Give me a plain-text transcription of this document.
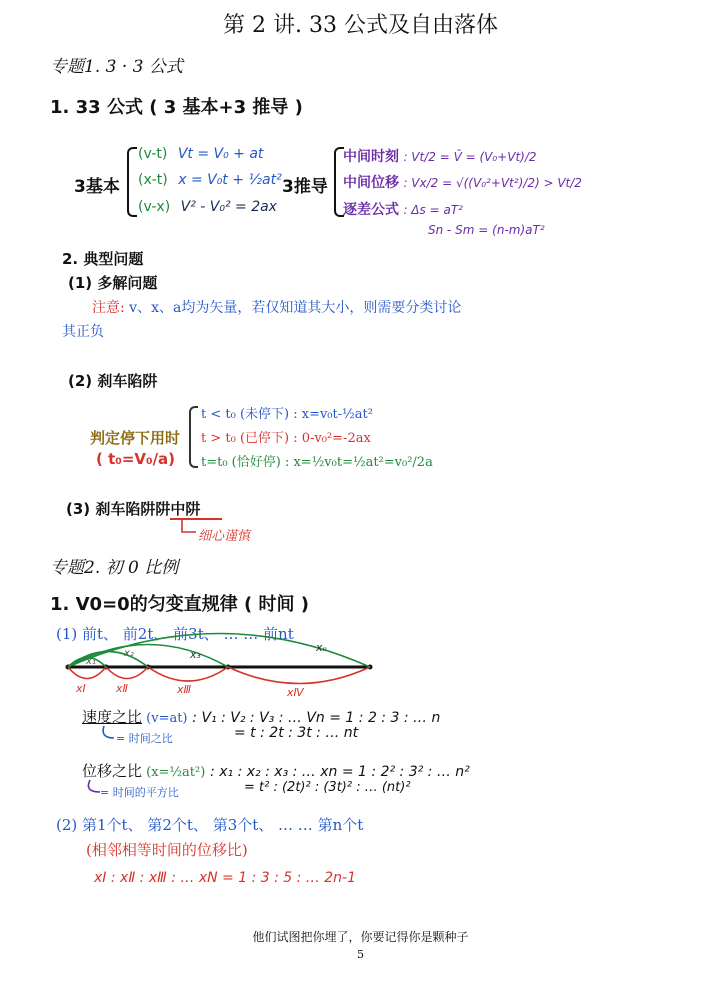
第 2 讲. 33 公式及自由落体
专题1. 3 · 3 公式
1. 33 公式 ( 3 基本+3 推导 )
3基本
(v-t) Vt = V₀ + at
(x-t) x = V₀t + ½at²
(v-x) V² - V₀² = 2ax
3推导
中间时刻 : Vt/2 = V̄ = (V₀+Vt)/2
中间位移 : Vx/2 = √((V₀²+Vt²)/2) > Vt/2
逐差公式 : Δs = aT²
Sn - Sm = (n-m)aT²
2. 典型问题
(1) 多解问题
注意: v、x、a均为矢量，若仅知道其大小，则需要分类讨论
其正负
(2) 刹车陷阱
判定停下用时
( t₀=V₀/a)
t < t₀ (未停下) : x=v₀t-½at²
t > t₀ (已停下) : 0-v₀²=-2ax
t=t₀ (恰好停) : x=½v₀t=½at²=v₀²/2a
(3) 刹车陷阱阱中阱
细心谨慎
专题2. 初 0 比例
1. V0=0的匀变直规律 ( 时间 )
(1) 前t、 前2t、 前3t、 … … 前nt
x₁
x₂	x₃
xₙ
xⅠ	xⅡ	xⅢ	xⅣ
速度之比 (v=at) : V₁ : V₂ : V₃ : … Vn = 1 : 2 : 3 : … n
= 时间之比	= t : 2t : 3t : … nt
位移之比 (x=½at²) : x₁ : x₂ : x₃ : … xn = 1 : 2² : 3² : … n²
= 时间的平方比	= t² : (2t)² : (3t)² : … (nt)²
(2) 第1个t、 第2个t、 第3个t、 … … 第n个t
(相邻相等时间的位移比)
xⅠ : xⅡ : xⅢ : … xN = 1 : 3 : 5 : … 2n-1
他们试图把你埋了，你要记得你是颗种子
5
